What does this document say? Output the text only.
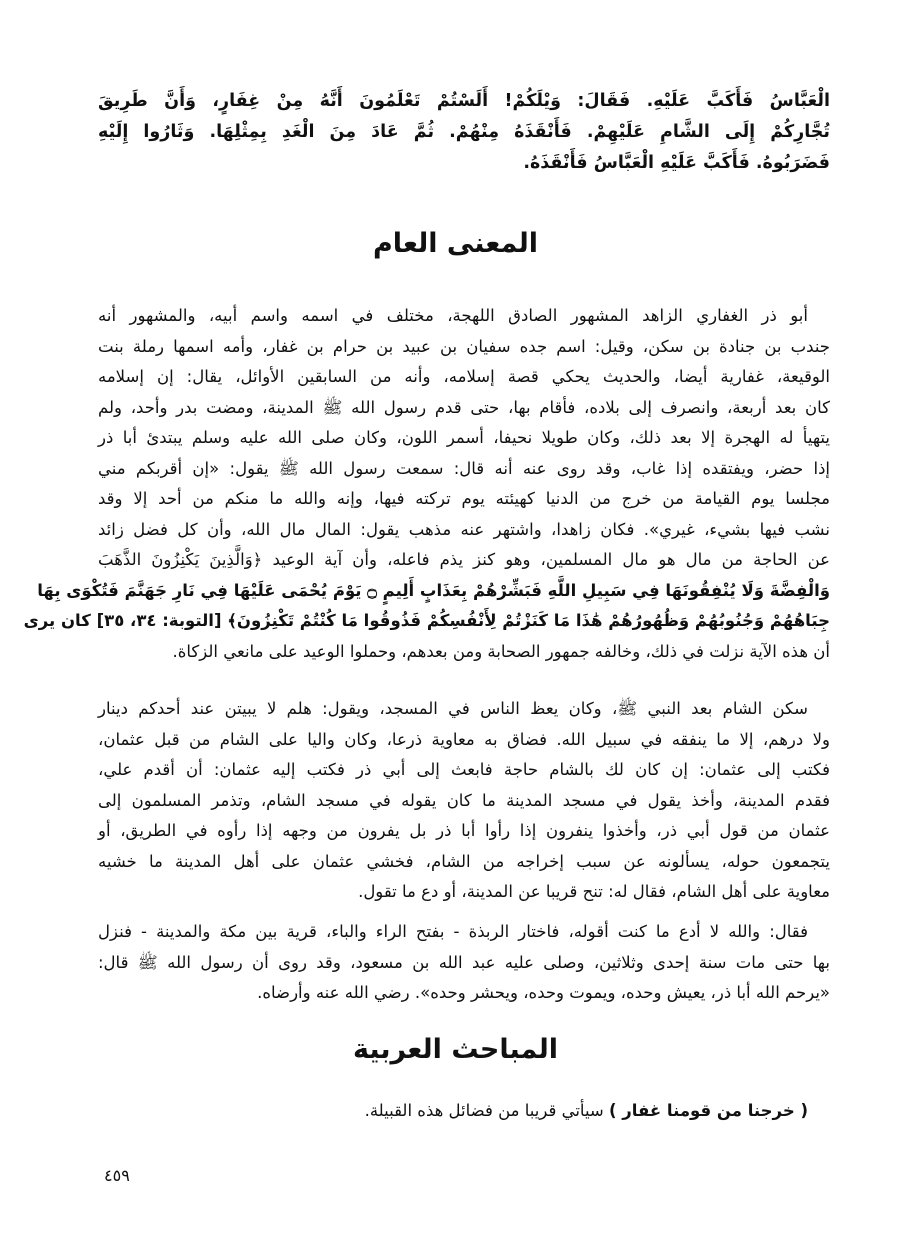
الْعَبَّاسُ فَأَكَبَّ عَلَيْهِ. فَقَالَ: وَيْلَكُمْ! أَلَسْتُمْ تَعْلَمُونَ أَنَّهُ مِنْ غِفَارٍ، وَأَنَّ طَرِيقَ
تُجَّارِكُمْ إِلَى الشَّامِ عَلَيْهِمْ. فَأَنْقَذَهُ مِنْهُمْ. ثُمَّ عَادَ مِنَ الْغَدِ بِمِثْلِهَا. وَثَارُوا إِلَيْهِ
فَضَرَبُوهُ. فَأَكَبَّ عَلَيْهِ الْعَبَّاسُ فَأَنْقَذَهُ.
المعنى العام
أبو ذر الغفاري الزاهد المشهور الصادق اللهجة، مختلف في اسمه واسم أبيه، والمشهور أنه
جندب بن جنادة بن سكن، وقيل: اسم جده سفيان بن عبيد بن حرام بن غفار، وأمه اسمها رملة بنت
الوقيعة، غفارية أيضا، والحديث يحكي قصة إسلامه، وأنه من السابقين الأوائل، يقال: إن إسلامه
كان بعد أربعة، وانصرف إلى بلاده، فأقام بها، حتى قدم رسول الله ﷺ المدينة، ومضت بدر وأحد، ولم
يتهيأ له الهجرة إلا بعد ذلك، وكان طويلا نحيفا، أسمر اللون، وكان صلى الله عليه وسلم يبتدئ أبا ذر
إذا حضر، ويفتقده إذا غاب، وقد روى عنه أنه قال: سمعت رسول الله ﷺ يقول: «إن أقربكم مني
مجلسا يوم القيامة من خرج من الدنيا كهيئته يوم تركته فيها، وإنه والله ما منكم من أحد إلا وقد
نشب فيها بشيء، غيري». فكان زاهدا، واشتهر عنه مذهب يقول: المال مال الله، وأن كل فضل زائد
عن الحاجة من مال هو مال المسلمين، وهو كنز يذم فاعله، وأن آية الوعيد ﴿وَالَّذِينَ يَكْنِزُونَ الذَّهَبَ
وَالْفِضَّةَ وَلَا يُنْفِقُونَهَا فِي سَبِيلِ اللَّهِ فَبَشِّرْهُمْ بِعَذَابٍ أَلِيمٍ ۝ يَوْمَ يُحْمَى عَلَيْهَا فِي نَارِ جَهَنَّمَ فَتُكْوَى بِهَا
جِبَاهُهُمْ وَجُنُوبُهُمْ وَظُهُورُهُمْ هَٰذَا مَا كَنَزْتُمْ لِأَنْفُسِكُمْ فَذُوقُوا مَا كُنْتُمْ تَكْنِزُونَ﴾ [التوبة: ٣٤، ٣٥] كان يرى
أن هذه الآية نزلت في ذلك، وخالفه جمهور الصحابة ومن بعدهم، وحملوا الوعيد على مانعي الزكاة.
سكن الشام بعد النبي ﷺ، وكان يعظ الناس في المسجد، ويقول: هلم لا يبيتن عند أحدكم دينار
ولا درهم، إلا ما ينفقه في سبيل الله. فضاق به معاوية ذرعا، وكان واليا على الشام من قبل عثمان،
فكتب إلى عثمان: إن كان لك بالشام حاجة فابعث إلى أبي ذر فكتب إليه عثمان: أن أقدم علي،
فقدم المدينة، وأخذ يقول في مسجد المدينة ما كان يقوله في مسجد الشام، وتذمر المسلمون إلى
عثمان من قول أبي ذر، وأخذوا ينفرون إذا رأوا أبا ذر بل يفرون من وجهه إذا رأوه في الطريق، أو
يتجمعون حوله، يسألونه عن سبب إخراجه من الشام، فخشي عثمان على أهل المدينة ما خشيه
معاوية على أهل الشام، فقال له: تنح قريبا عن المدينة، أو دع ما تقول.
فقال: والله لا أدع ما كنت أقوله، فاختار الربذة - بفتح الراء والباء، قرية بين مكة والمدينة - فنزل
بها حتى مات سنة إحدى وثلاثين، وصلى عليه عبد الله بن مسعود، وقد روى أن رسول الله ﷺ قال:
«يرحم الله أبا ذر، يعيش وحده، ويموت وحده، ويحشر وحده». رضي الله عنه وأرضاه.
المباحث العربية
( خرجنا من قومنا غفار ) سيأتي قريبا من فضائل هذه القبيلة.
٤٥٩
